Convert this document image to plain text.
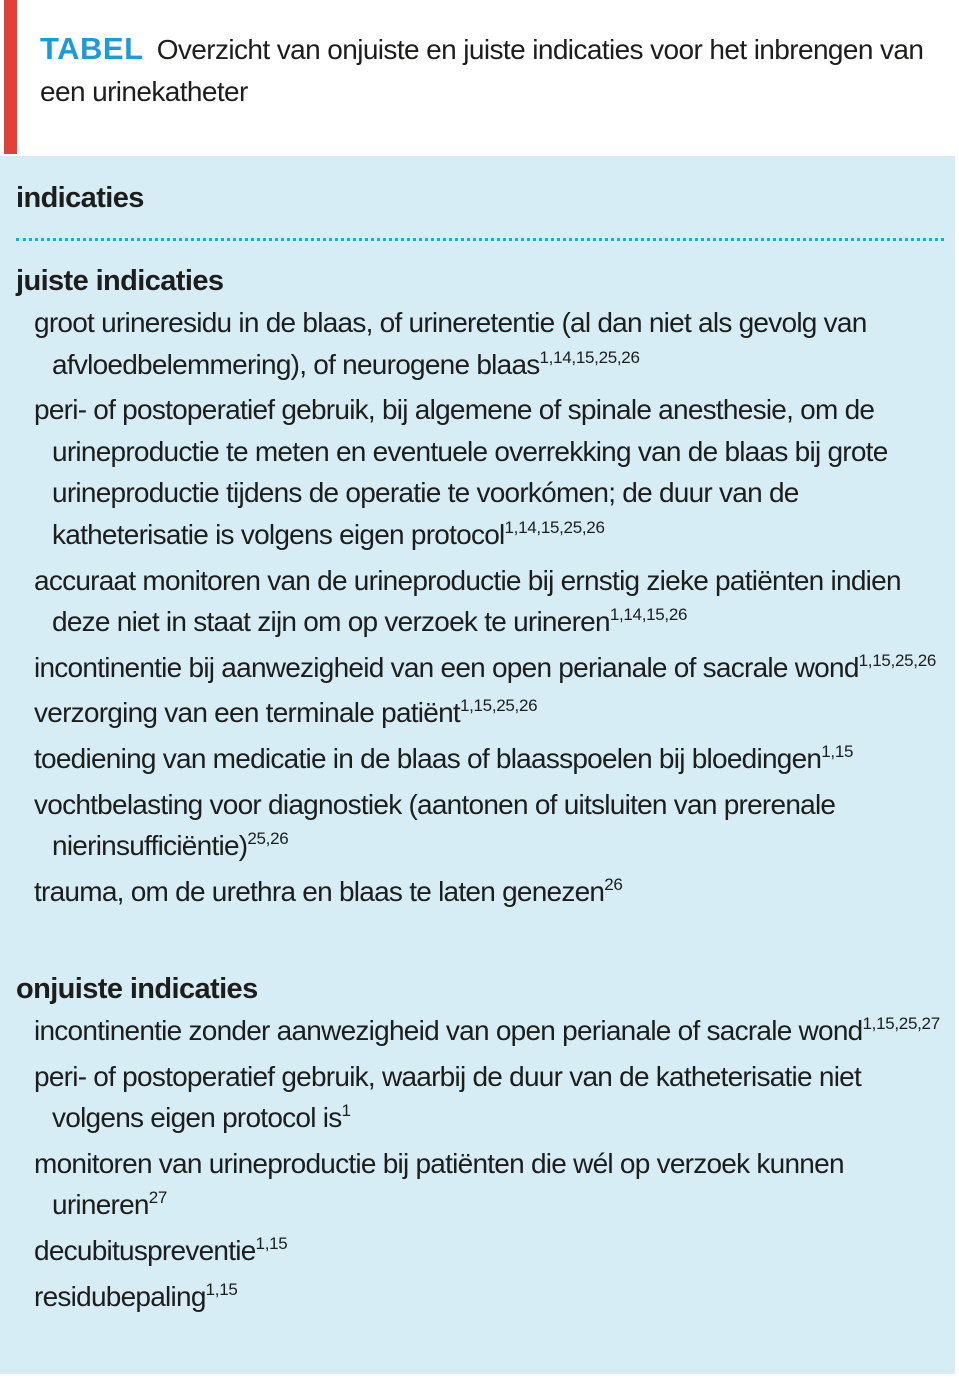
TABEL Overzicht van onjuiste en juiste indicaties voor het inbrengen van een urinekatheter
indicaties
juiste indicaties
groot urineresidu in de blaas, of urineretentie (al dan niet als gevolg van afvloedbelemmering), of neurogene blaas$^{1,14,15,25,26}$
peri- of postoperatief gebruik, bij algemene of spinale anesthesie, om de urineproductie te meten en eventuele overrekking van de blaas bij grote urineproductie tijdens de operatie te voorkómen; de duur van de katheterisatie is volgens eigen protocol$^{1,14,15,25,26}$
accuraat monitoren van de urineproductie bij ernstig zieke patiënten indien deze niet in staat zijn om op verzoek te urineren$^{1,14,15,26}$
incontinentie bij aanwezigheid van een open perianale of sacrale wond$^{1,15,25,26}$
verzorging van een terminale patiënt$^{1,15,25,26}$
toediening van medicatie in de blaas of blaasspoelen bij bloedingen$^{1,15}$
vochtbelasting voor diagnostiek (aantonen of uitsluiten van prerenale nierinsufficiëntie)$^{25,26}$
trauma, om de urethra en blaas te laten genezen$^{26}$
onjuiste indicaties
incontinentie zonder aanwezigheid van open perianale of sacrale wond$^{1,15,25,27}$
peri- of postoperatief gebruik, waarbij de duur van de katheterisatie niet volgens eigen protocol $is^1$
monitoren van urineproductie bij patiënten die wél op verzoek kunnen urineren$^{27}$
decubituspreventie$^{1,15}$
residubepaling$^{1,15}$
